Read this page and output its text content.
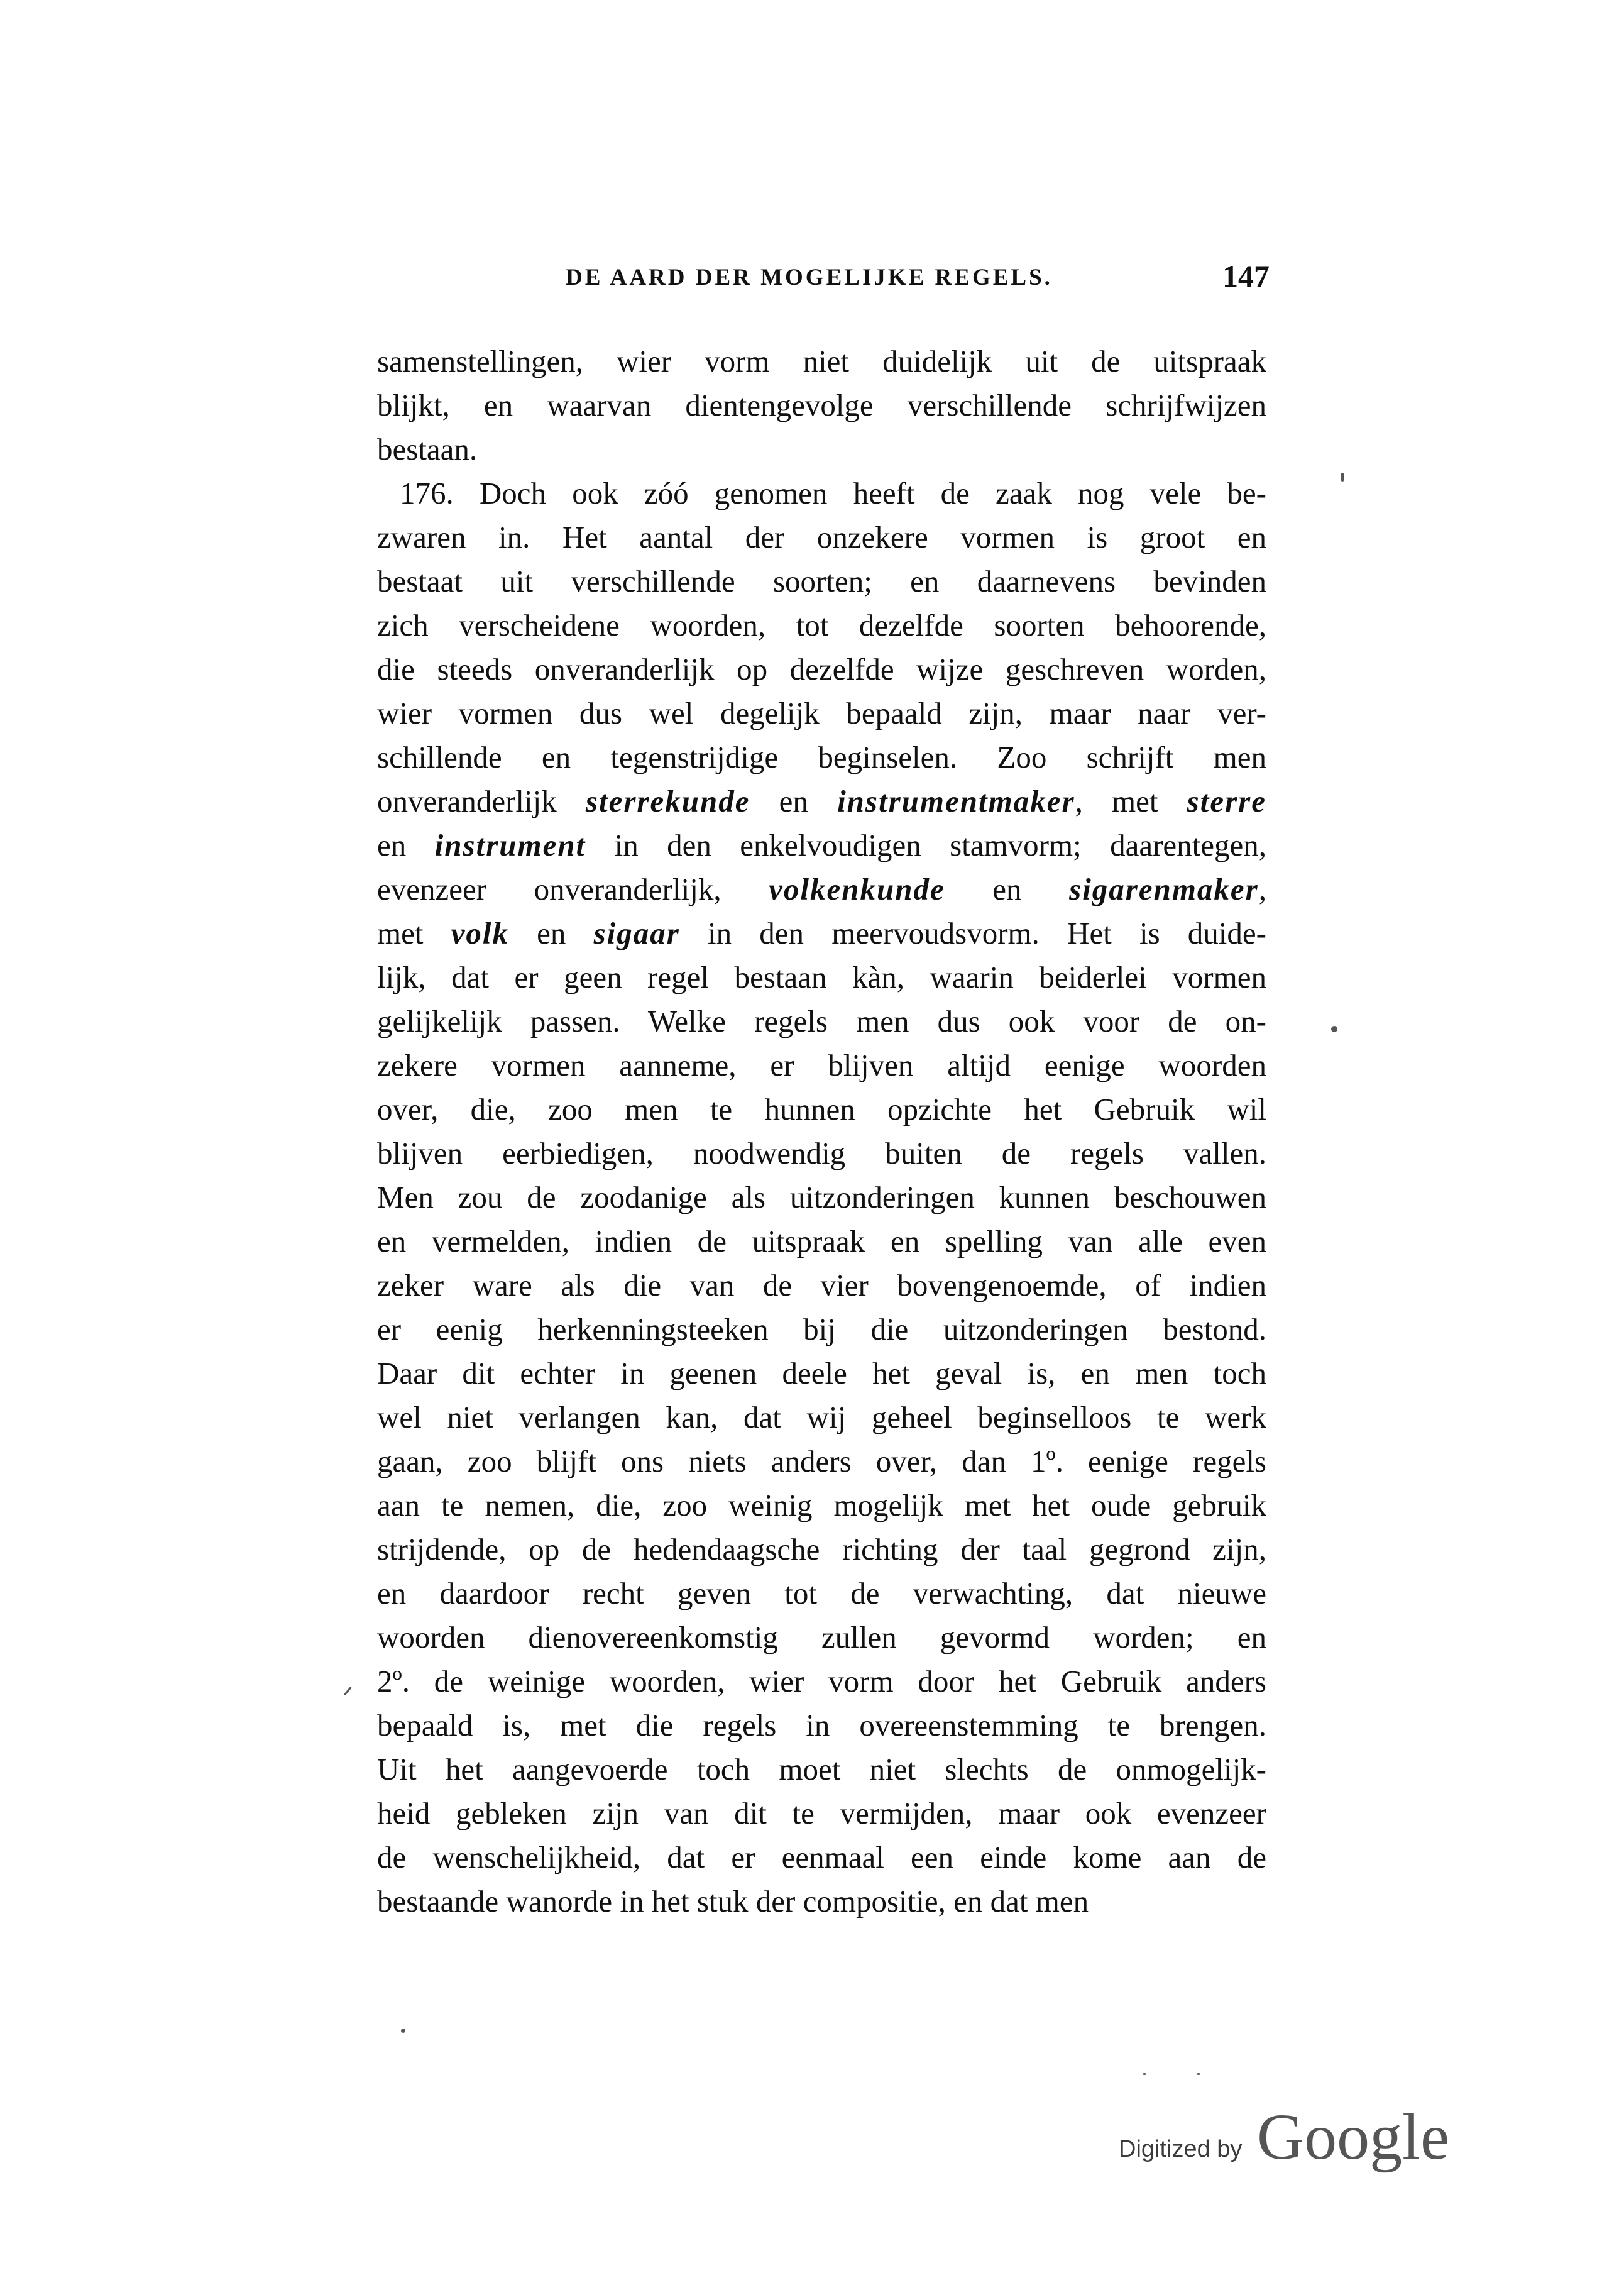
DE AARD DER MOGELIJKE REGELS.	147
samenstellingen, wier vorm niet duidelijk uit de uitspraak
blijkt, en waarvan dientengevolge verschillende schrijfwijzen
bestaan.
176. Doch ook zóó genomen heeft de zaak nog vele be-
zwaren in. Het aantal der onzekere vormen is groot en
bestaat uit verschillende soorten; en daarnevens bevinden
zich verscheidene woorden, tot dezelfde soorten behoorende,
die steeds onveranderlijk op dezelfde wijze geschreven worden,
wier vormen dus wel degelijk bepaald zijn, maar naar ver-
schillende en tegenstrijdige beginselen. Zoo schrijft men
onveranderlijk sterrekunde en instrumentmaker, met sterre
en instrument in den enkelvoudigen stamvorm; daarentegen,
evenzeer onveranderlijk, volkenkunde en sigarenmaker,
met volk en sigaar in den meervoudsvorm. Het is duide-
lijk, dat er geen regel bestaan kàn, waarin beiderlei vormen
gelijkelijk passen. Welke regels men dus ook voor de on-
zekere vormen aanneme, er blijven altijd eenige woorden
over, die, zoo men te hunnen opzichte het Gebruik wil
blijven eerbiedigen, noodwendig buiten de regels vallen.
Men zou de zoodanige als uitzonderingen kunnen beschouwen
en vermelden, indien de uitspraak en spelling van alle even
zeker ware als die van de vier bovengenoemde, of indien
er eenig herkenningsteeken bij die uitzonderingen bestond.
Daar dit echter in geenen deele het geval is, en men toch
wel niet verlangen kan, dat wij geheel beginselloos te werk
gaan, zoo blijft ons niets anders over, dan 1º. eenige regels
aan te nemen, die, zoo weinig mogelijk met het oude gebruik
strijdende, op de hedendaagsche richting der taal gegrond zijn,
en daardoor recht geven tot de verwachting, dat nieuwe
woorden dienovereenkomstig zullen gevormd worden; en
2º. de weinige woorden, wier vorm door het Gebruik anders
bepaald is, met die regels in overeenstemming te brengen.
Uit het aangevoerde toch moet niet slechts de onmogelijk-
heid gebleken zijn van dit te vermijden, maar ook evenzeer
de wenschelijkheid, dat er eenmaal een einde kome aan de
bestaande wanorde in het stuk der compositie, en dat men
Digitized by Google
